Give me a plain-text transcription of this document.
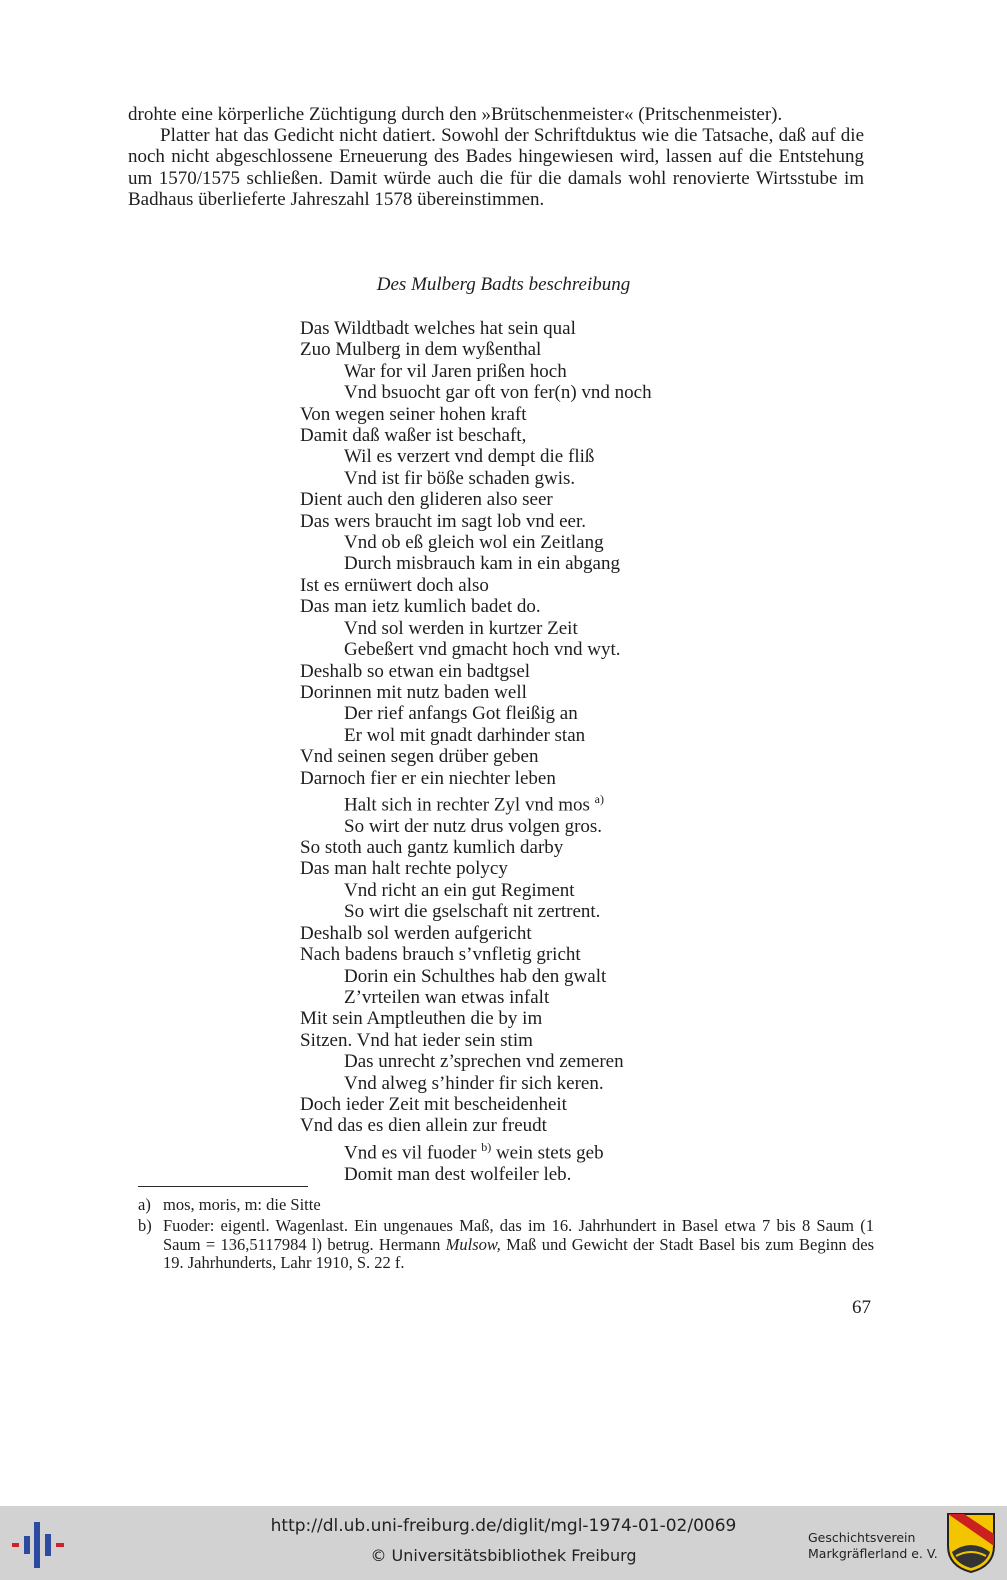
drohte eine körperliche Züchtigung durch den »Brütschenmeister« (Pritschenmeister).

Platter hat das Gedicht nicht datiert. Sowohl der Schriftduktus wie die Tatsache, daß auf die noch nicht abgeschlossene Erneuerung des Bades hingewiesen wird, lassen auf die Entstehung um 1570/1575 schließen. Damit würde auch die für die damals wohl renovierte Wirtsstube im Badhaus überlieferte Jahreszahl 1578 übereinstimmen.

Des Mulberg Badts beschreibung
Das Wildtbadt welches hat sein qual
Zuo Mulberg in dem wyßenthal
War for vil Jaren prißen hoch
Vnd bsuocht gar oft von fer(n) vnd noch
Von wegen seiner hohen kraft
Damit daß waßer ist beschaft,
Wil es verzert vnd dempt die fliß
Vnd ist fir böße schaden gwis.
Dient auch den glideren also seer
Das wers braucht im sagt lob vnd eer.
Vnd ob eß gleich wol ein Zeitlang
Durch misbrauch kam in ein abgang
Ist es ernüwert doch also
Das man ietz kumlich badet do.
Vnd sol werden in kurtzer Zeit
Gebeßert vnd gmacht hoch vnd wyt.
Deshalb so etwan ein badtgsel
Dorinnen mit nutz baden well
Der rief anfangs Got fleißig an
Er wol mit gnadt darhinder stan
Vnd seinen segen drüber geben
Darnoch fier er ein niechter leben
Halt sich in rechter Zyl vnd mos $^{a)}$
So wirt der nutz drus volgen gros.
So stoth auch gantz kumlich darby
Das man halt rechte polycy
Vnd richt an ein gut Regiment
So wirt die gselschaft nit zertrent.
Deshalb sol werden aufgericht
Nach badens brauch s’vnfletig gricht
Dorin ein Schulthes hab den gwalt
Z’vrteilen wan etwas infalt
Mit sein Amptleuthen die by im
Sitzen. Vnd hat ieder sein stim
Das unrecht z’sprechen vnd zemeren
Vnd alweg s’hinder fir sich keren.
Doch ieder Zeit mit bescheidenheit
Vnd das es dien allein zur freudt
Vnd es vil fuoder $^{b)}$ wein stets geb
Domit man dest wolfeiler leb.
a) mos, moris, m: die Sitte
b) Fuoder: eigentl. Wagenlast. Ein ungenaues Maß, das im 16. Jahrhundert in Basel etwa 7 bis 8 Saum (1 Saum = 136,5117984 l) betrug. Hermann Mulsow, Maß und Gewicht der Stadt Basel bis zum Beginn des 19. Jahrhunderts, Lahr 1910, S. 22 f.
67
http://dl.ub.uni-freiburg.de/diglit/mgl-1974-01-02/0069
© Universitätsbibliothek Freiburg
Geschichtsverein
Markgräflerland e. V.
